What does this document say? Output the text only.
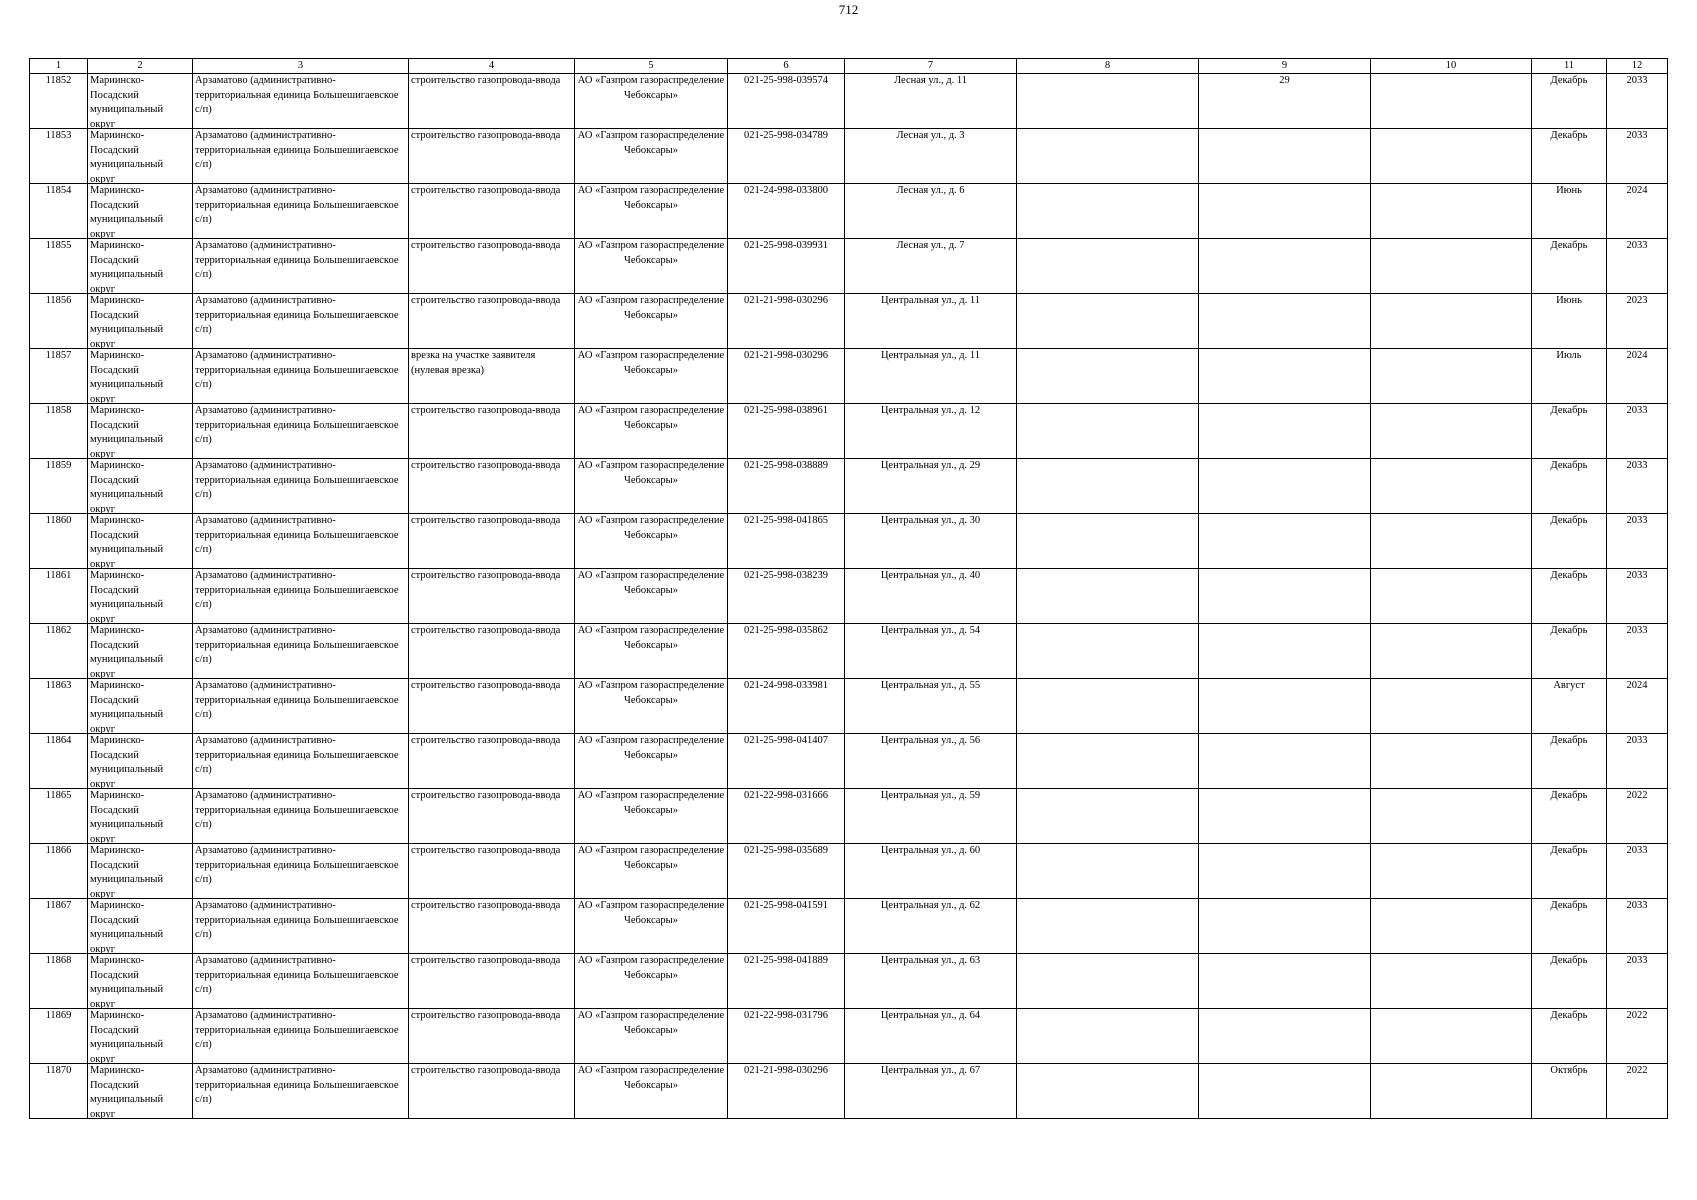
712
1	2	3	4	5	6	7	8	9	10	11	12

11852	Мариинско-Посадский муниципальный округ	Арзаматово (административно-территориальная единица Большешигаевское с/п)	строительство газопровода-ввода	АО «Газпром газораспределение Чебоксары»	021-25-998-039574	Лесная ул., д. 11		29		Декабрь	2033

11853	Мариинско-Посадский муниципальный округ	Арзаматово (административно-территориальная единица Большешигаевское с/п)	строительство газопровода-ввода	АО «Газпром газораспределение Чебоксары»	021-25-998-034789	Лесная ул., д. 3				Декабрь	2033

11854	Мариинско-Посадский муниципальный округ	Арзаматово (административно-территориальная единица Большешигаевское с/п)	строительство газопровода-ввода	АО «Газпром газораспределение Чебоксары»	021-24-998-033800	Лесная ул., д. 6				Июнь	2024

11855	Мариинско-Посадский муниципальный округ	Арзаматово (административно-территориальная единица Большешигаевское с/п)	строительство газопровода-ввода	АО «Газпром газораспределение Чебоксары»	021-25-998-039931	Лесная ул., д. 7				Декабрь	2033

11856	Мариинско-Посадский муниципальный округ	Арзаматово (административно-территориальная единица Большешигаевское с/п)	строительство газопровода-ввода	АО «Газпром газораспределение Чебоксары»	021-21-998-030296	Центральная ул., д. 11				Июнь	2023

11857	Мариинско-Посадский муниципальный округ	Арзаматово (административно-территориальная единица Большешигаевское с/п)	врезка на участке заявителя (нулевая врезка)	АО «Газпром газораспределение Чебоксары»	021-21-998-030296	Центральная ул., д. 11				Июль	2024

11858	Мариинско-Посадский муниципальный округ	Арзаматово (административно-территориальная единица Большешигаевское с/п)	строительство газопровода-ввода	АО «Газпром газораспределение Чебоксары»	021-25-998-038961	Центральная ул., д. 12				Декабрь	2033

11859	Мариинско-Посадский муниципальный округ	Арзаматово (административно-территориальная единица Большешигаевское с/п)	строительство газопровода-ввода	АО «Газпром газораспределение Чебоксары»	021-25-998-038889	Центральная ул., д. 29				Декабрь	2033

11860	Мариинско-Посадский муниципальный округ	Арзаматово (административно-территориальная единица Большешигаевское с/п)	строительство газопровода-ввода	АО «Газпром газораспределение Чебоксары»	021-25-998-041865	Центральная ул., д. 30				Декабрь	2033

11861	Мариинско-Посадский муниципальный округ	Арзаматово (административно-территориальная единица Большешигаевское с/п)	строительство газопровода-ввода	АО «Газпром газораспределение Чебоксары»	021-25-998-038239	Центральная ул., д. 40				Декабрь	2033

11862	Мариинско-Посадский муниципальный округ	Арзаматово (административно-территориальная единица Большешигаевское с/п)	строительство газопровода-ввода	АО «Газпром газораспределение Чебоксары»	021-25-998-035862	Центральная ул., д. 54				Декабрь	2033

11863	Мариинско-Посадский муниципальный округ	Арзаматово (административно-территориальная единица Большешигаевское с/п)	строительство газопровода-ввода	АО «Газпром газораспределение Чебоксары»	021-24-998-033981	Центральная ул., д. 55				Август	2024

11864	Мариинско-Посадский муниципальный округ	Арзаматово (административно-территориальная единица Большешигаевское с/п)	строительство газопровода-ввода	АО «Газпром газораспределение Чебоксары»	021-25-998-041407	Центральная ул., д. 56				Декабрь	2033

11865	Мариинско-Посадский муниципальный округ	Арзаматово (административно-территориальная единица Большешигаевское с/п)	строительство газопровода-ввода	АО «Газпром газораспределение Чебоксары»	021-22-998-031666	Центральная ул., д. 59				Декабрь	2022

11866	Мариинско-Посадский муниципальный округ	Арзаматово (административно-территориальная единица Большешигаевское с/п)	строительство газопровода-ввода	АО «Газпром газораспределение Чебоксары»	021-25-998-035689	Центральная ул., д. 60				Декабрь	2033

11867	Мариинско-Посадский муниципальный округ	Арзаматово (административно-территориальная единица Большешигаевское с/п)	строительство газопровода-ввода	АО «Газпром газораспределение Чебоксары»	021-25-998-041591	Центральная ул., д. 62				Декабрь	2033

11868	Мариинско-Посадский муниципальный округ	Арзаматово (административно-территориальная единица Большешигаевское с/п)	строительство газопровода-ввода	АО «Газпром газораспределение Чебоксары»	021-25-998-041889	Центральная ул., д. 63				Декабрь	2033

11869	Мариинско-Посадский муниципальный округ	Арзаматово (административно-территориальная единица Большешигаевское с/п)	строительство газопровода-ввода	АО «Газпром газораспределение Чебоксары»	021-22-998-031796	Центральная ул., д. 64				Декабрь	2022

11870	Мариинско-Посадский муниципальный округ	Арзаматово (административно-территориальная единица Большешигаевское с/п)	строительство газопровода-ввода	АО «Газпром газораспределение Чебоксары»	021-21-998-030296	Центральная ул., д. 67				Октябрь	2022
